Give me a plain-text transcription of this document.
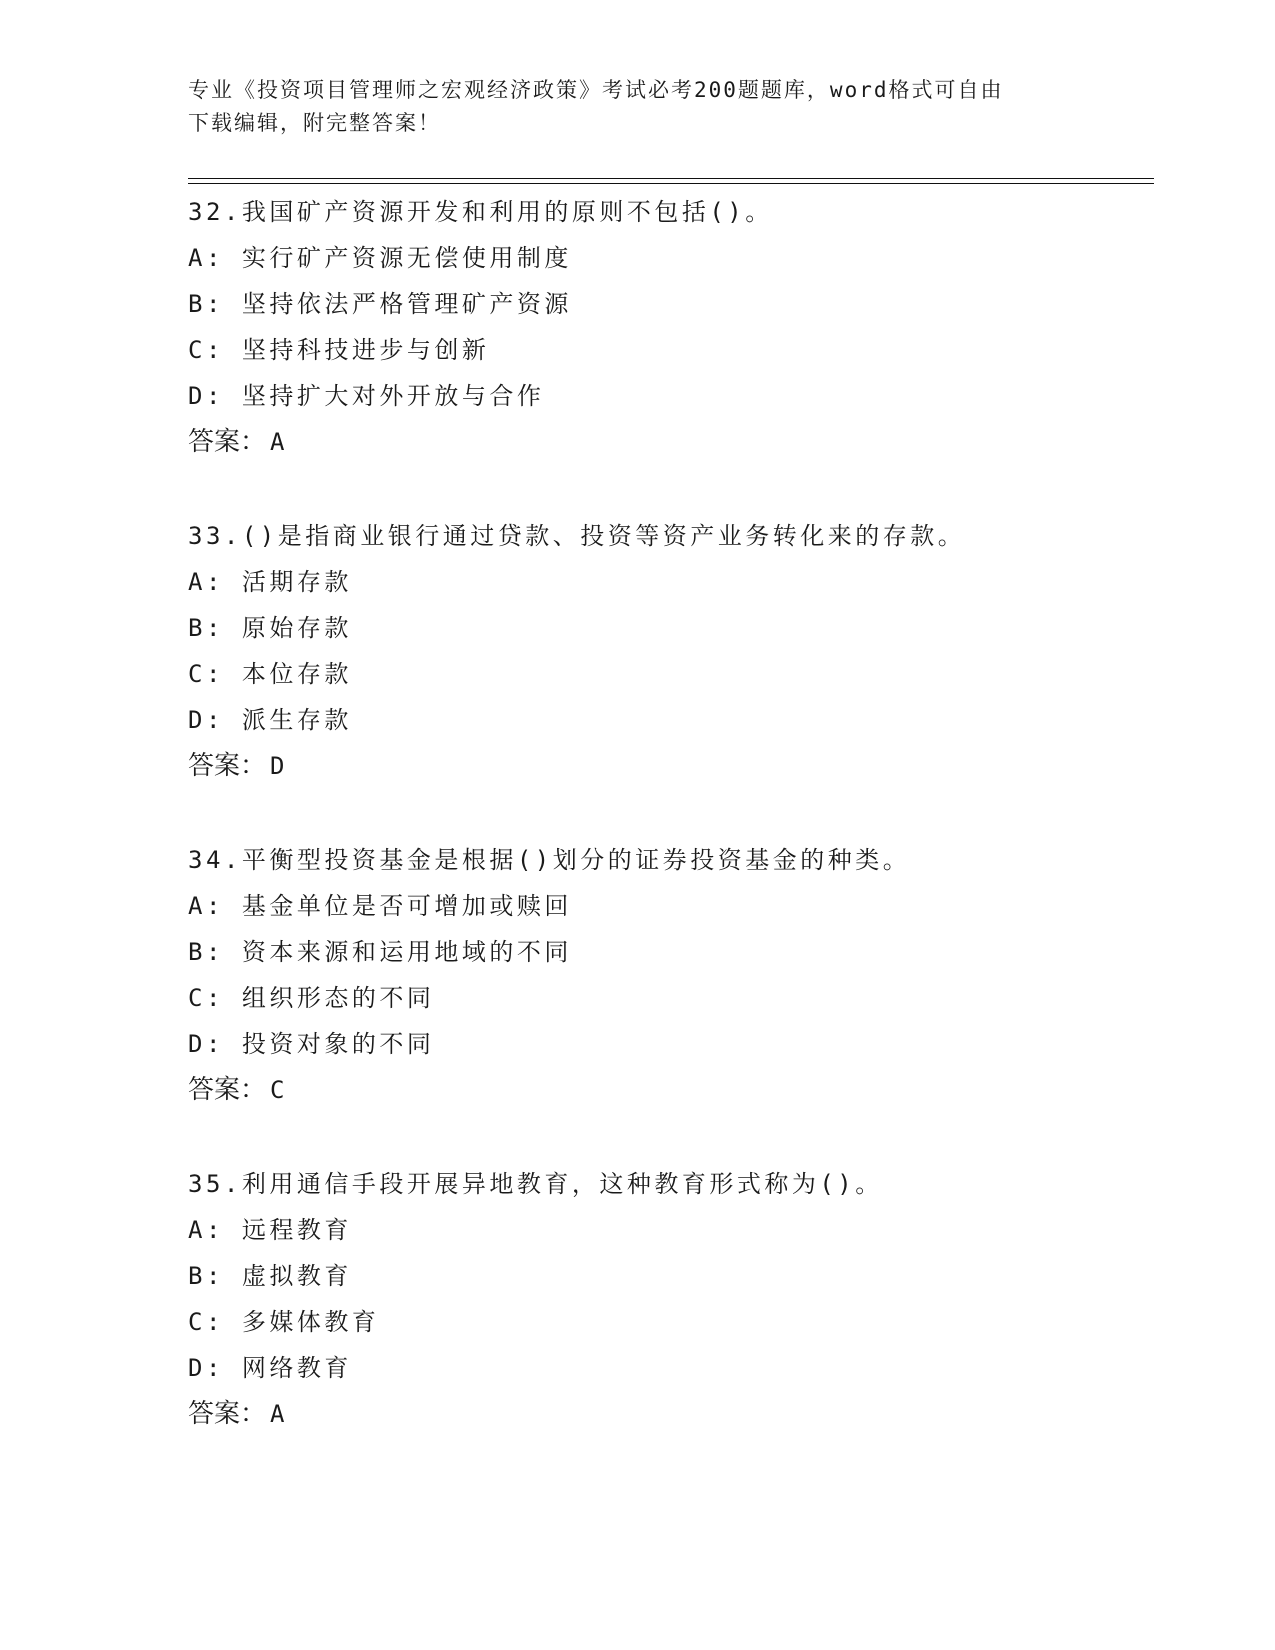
专业《投资项目管理师之宏观经济政策》考试必考200题题库，word格式可自由
下载编辑，附完整答案！
32.我国矿产资源开发和利用的原则不包括()。
A: 实行矿产资源无偿使用制度
B: 坚持依法严格管理矿产资源
C: 坚持科技进步与创新
D: 坚持扩大对外开放与合作
答案： A
33.()是指商业银行通过贷款、投资等资产业务转化来的存款。
A: 活期存款
B: 原始存款
C: 本位存款
D: 派生存款
答案： D
34.平衡型投资基金是根据()划分的证券投资基金的种类。
A: 基金单位是否可增加或赎回
B: 资本来源和运用地域的不同
C: 组织形态的不同
D: 投资对象的不同
答案： C
35.利用通信手段开展异地教育，这种教育形式称为()。
A: 远程教育
B: 虚拟教育
C: 多媒体教育
D: 网络教育
答案： A
